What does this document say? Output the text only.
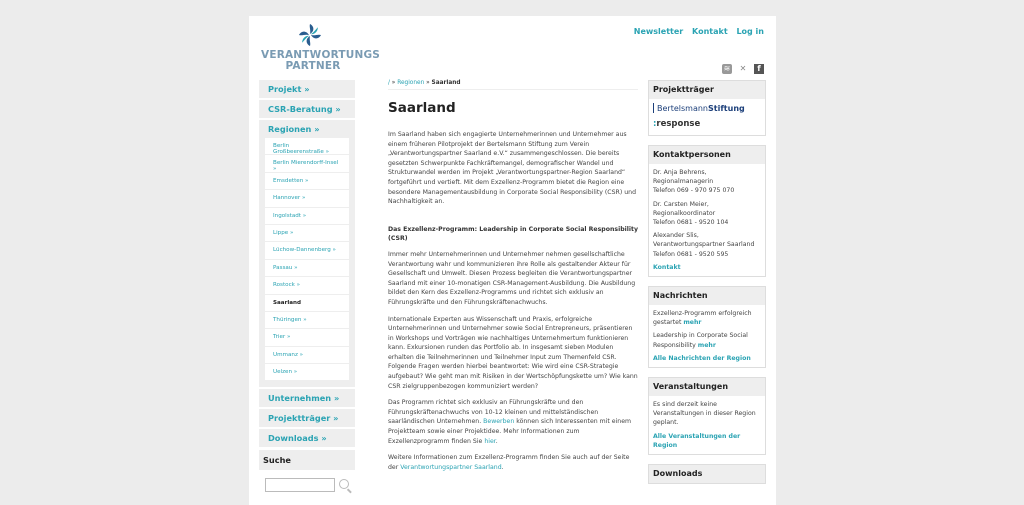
VERANTWORTUNGS
PARTNER
Newsletter Kontakt Log in
≋ ✕	f
Projekt »
CSR-Beratung »
Regionen »
Berlin Großbeerenstraße »
Berlin Mierendorff-Insel »
Emsdetten »
Hannover »
Ingolstadt »
Lippe »
Lüchow-Dannenberg »
Passau »
Rostock »
Saarland
Thüringen »
Trier »
Ummanz »
Uelzen »
Unternehmen »
Projektträger »
Downloads »
Suche
/ » Regionen » Saarland
Saarland

Im Saarland haben sich engagierte Unternehmerinnen und Unternehmer aus einem früheren Pilotprojekt der Bertelsmann Stiftung zum Verein „Verantwortungspartner Saarland e.V.“ zusammengeschlossen. Die bereits gesetzten Schwerpunkte Fachkräftemangel, demografischer Wandel und Strukturwandel werden im Projekt „Verantwortungspartner-Region Saarland“ fortgeführt und vertieft. Mit dem Exzellenz-Programm bietet die Region eine besondere Managementausbildung in Corporate Social Responsibility (CSR) und Nachhaltigkeit an.

Das Exzellenz-Programm: Leadership in Corporate Social Responsibility (CSR)

Immer mehr Unternehmerinnen und Unternehmer nehmen gesellschaftliche Verantwortung wahr und kommunizieren ihre Rolle als gestaltender Akteur für Gesellschaft und Umwelt. Diesen Prozess begleiten die Verantwortungspartner Saarland mit einer 10-monatigen CSR-Management-Ausbildung. Die Ausbildung bildet den Kern des Exzellenz-Programms und richtet sich exklusiv an Führungskräfte und den Führungskräftenachwuchs.

Internationale Experten aus Wissenschaft und Praxis, erfolgreiche Unternehmerinnen und Unternehmer sowie Social Entrepreneurs, präsentieren in Workshops und Vorträgen wie nachhaltiges Unternehmertum funktionieren kann. Exkursionen runden das Portfolio ab. In insgesamt sieben Modulen erhalten die Teilnehmerinnen und Teilnehmer Input zum Themenfeld CSR. Folgende Fragen werden hierbei beantwortet: Wie wird eine CSR-Strategie aufgebaut? Wie geht man mit Risiken in der Wertschöpfungskette um? Wie kann CSR zielgruppenbezogen kommuniziert werden?

Das Programm richtet sich exklusiv an Führungskräfte und den Führungskräftenachwuchs von 10-12 kleinen und mittelständischen saarländischen Unternehmen. Bewerben können sich Interessenten mit einem Projektteam sowie einer Projektidee. Mehr Informationen zum Exzellenzprogramm finden Sie hier.

Weitere Informationen zum Exzellenz-Programm finden Sie auch auf der Seite der Verantwortungspartner Saarland.

Projektträger
Bertelsmann Stiftung
:response
Kontaktpersonen

Dr. Anja Behrens,
Regionalmanagerin
Telefon 069 - 970 975 070

Dr. Carsten Meier,
Regionalkoordinator
Telefon 0681 - 9520 104

Alexander Slis,
Verantwortungspartner Saarland
Telefon 0681 - 9520 595

Kontakt
Nachrichten

Exzellenz-Programm erfolgreich gestartet mehr

Leadership in Corporate Social Responsibility mehr

Alle Nachrichten der Region
Veranstaltungen

Es sind derzeit keine Veranstaltungen in dieser Region geplant.

Alle Veranstaltungen der Region
Downloads
